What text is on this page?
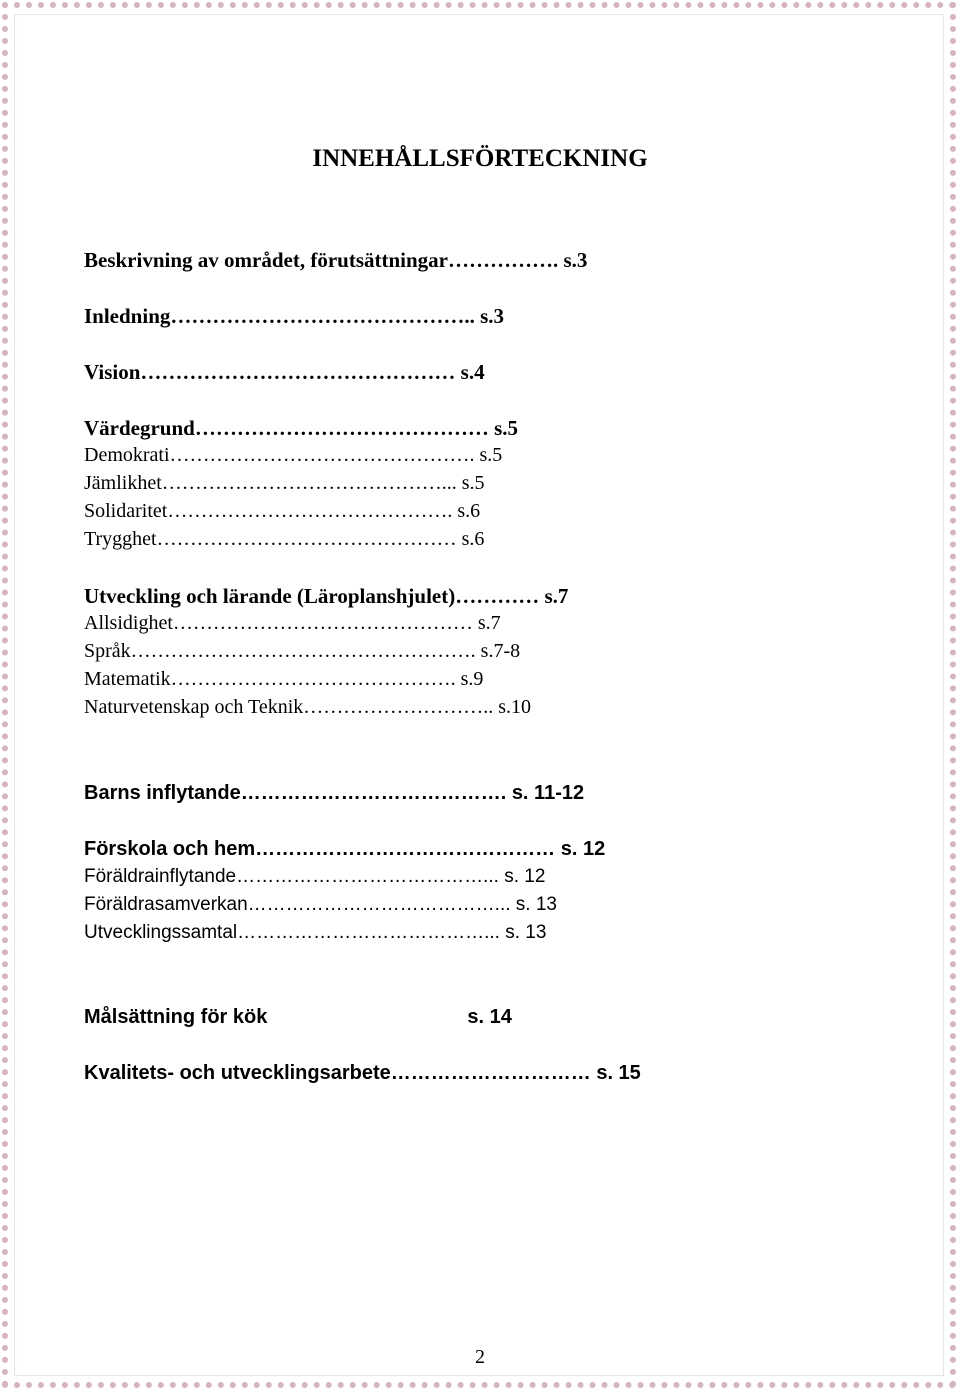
INNEHÅLLSFÖRTECKNING
Beskrivning av området, förutsättningar……………. s.3
Inledning…………………………………….. s.3
Vision……………………………………… s.4
Värdegrund…………………………………… s.5
Demokrati………………………………………. s.5
Jämlikhet……………………………………... s.5
Solidaritet……………………………………. s.6
Trygghet……………………………………… s.6
Utveckling och lärande (Läroplanshjulet)………… s.7
Allsidighet……………………………………… s.7
Språk……………………………………………. s.7-8
Matematik……………………………………. s.9
Naturvetenskap och Teknik……………………….. s.10
Barns inflytande…………………………………. s. 11-12
Förskola och hem……………………………………… s. 12
Föräldrainflytande…………………………………... s. 12
Föräldrasamverkan…………………………………... s. 13
Utvecklingssamtal…………………………………... s. 13
Målsättning för kök                                    s. 14
Kvalitets- och utvecklingsarbete………………………… s. 15
2
